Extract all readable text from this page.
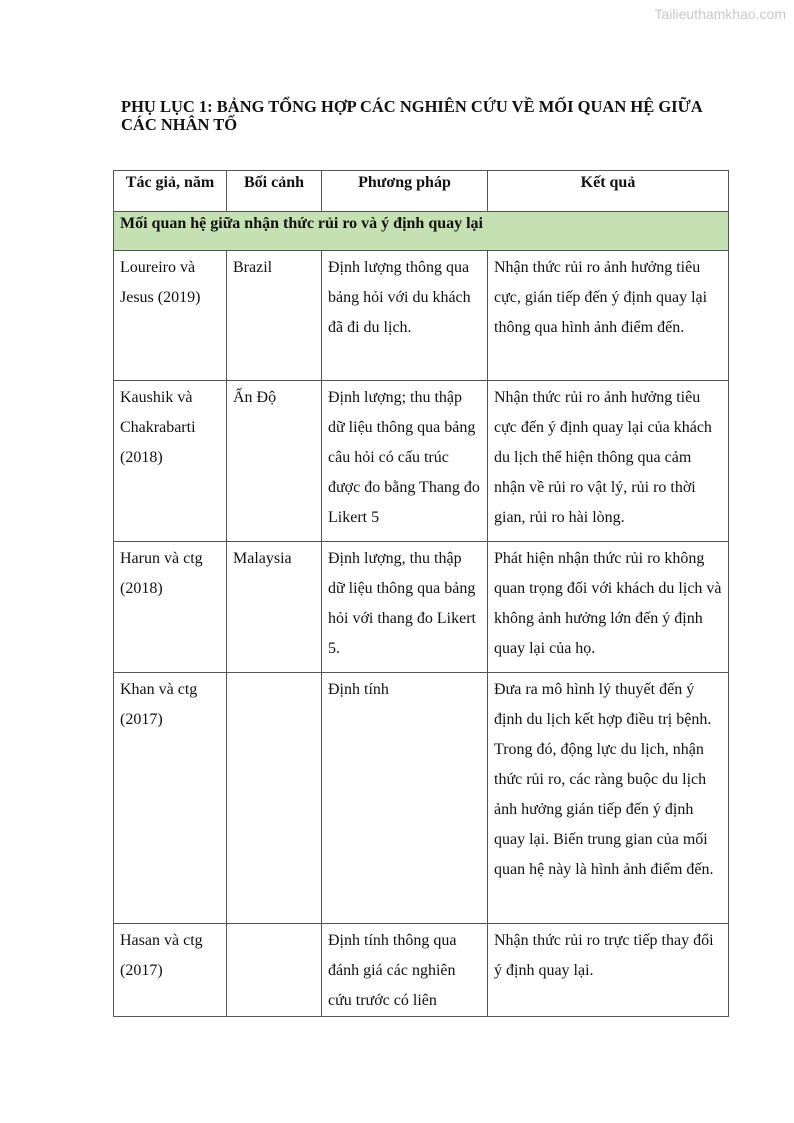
Tailieuthamkhao.com
PHỤ LỤC 1: BẢNG TỔNG HỢP CÁC NGHIÊN CỨU VỀ MỐI QUAN HỆ GIỮA CÁC NHÂN TỐ
Tác giả, năm	Bối cảnh	Phương pháp	Kết quả
Mối quan hệ giữa nhận thức rủi ro và ý định quay lại			
Loureiro và Jesus (2019)	Brazil	Định lượng thông qua bảng hỏi với du khách đã đi du lịch.	Nhận thức rủi ro ảnh hưởng tiêu cực, gián tiếp đến ý định quay lại thông qua hình ảnh điểm đến.
Kaushik và Chakrabarti (2018)	Ấn Độ	Định lượng; thu thập dữ liệu thông qua bảng câu hỏi có cấu trúc được đo bằng Thang đo Likert 5	Nhận thức rủi ro ảnh hưởng tiêu cực đến ý định quay lại của khách du lịch thể hiện thông qua cảm nhận về rủi ro vật lý, rủi ro thời gian, rủi ro hài lòng.
Harun và ctg (2018)	Malaysia	Định lượng, thu thập dữ liệu thông qua bảng hỏi với thang đo Likert 5.	Phát hiện nhận thức rủi ro không quan trọng đối với khách du lịch và không ảnh hưởng lớn đến ý định quay lại của họ.
Khan và ctg (2017)		Định tính	Đưa ra mô hình lý thuyết đến ý định du lịch kết hợp điều trị bệnh. Trong đó, động lực du lịch, nhận thức rủi ro, các ràng buộc du lịch ảnh hưởng gián tiếp đến ý định quay lại. Biến trung gian của mối quan hệ này là hình ảnh điểm đến.
Hasan và ctg (2017)		Định tính thông qua đánh giá các nghiên cứu trước có liên	Nhận thức rủi ro trực tiếp thay đổi ý định quay lại.
